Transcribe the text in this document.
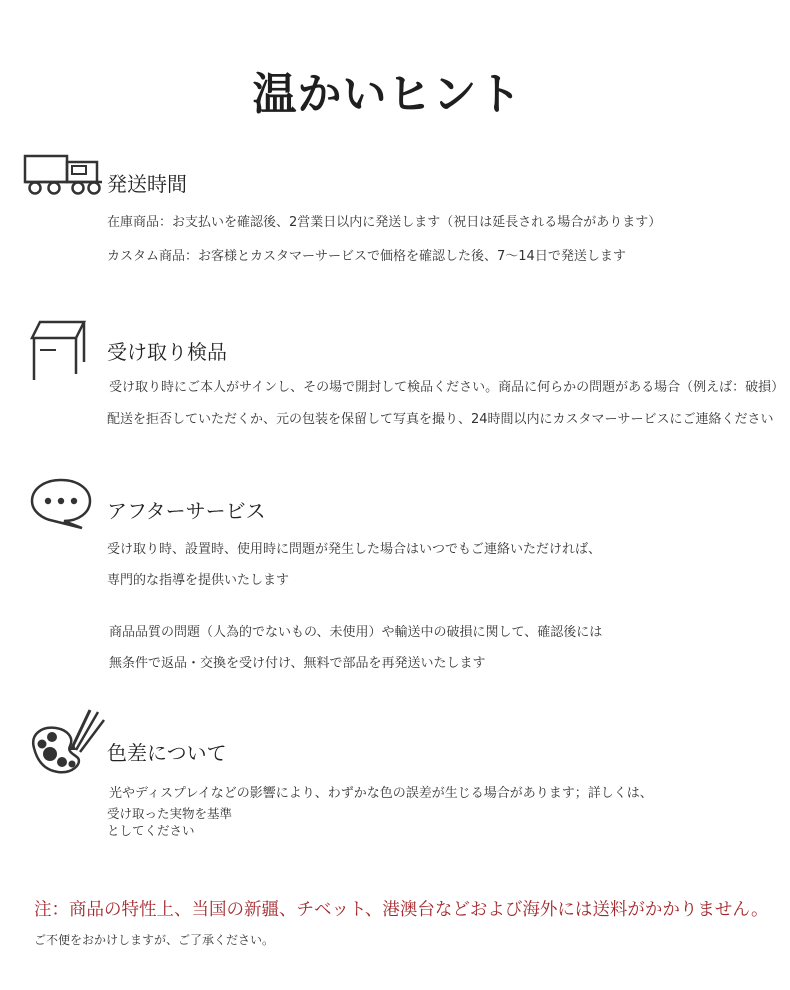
温かいヒント
発送時間
在庫商品：お支払いを確認後、2営業日以内に発送します（祝日は延長される場合があります）
カスタム商品：お客様とカスタマーサービスで価格を確認した後、7〜14日で発送します
受け取り検品
受け取り時にご本人がサインし、その場で開封して検品ください。商品に何らかの問題がある場合（例えば：破損）
配送を拒否していただくか、元の包装を保留して写真を撮り、24時間以内にカスタマーサービスにご連絡ください
アフターサービス
受け取り時、設置時、使用時に問題が発生した場合はいつでもご連絡いただければ、
専門的な指導を提供いたします
商品品質の問題（人為的でないもの、未使用）や輸送中の破損に関して、確認後には
無条件で返品・交換を受け付け、無料で部品を再発送いたします
色差について
光やディスプレイなどの影響により、わずかな色の誤差が生じる場合があります；詳しくは、
受け取った実物を基準
としてください
注：商品の特性上、当国の新疆、チベット、港澳台などおよび海外には送料がかかりません。
ご不便をおかけしますが、ご了承ください。
